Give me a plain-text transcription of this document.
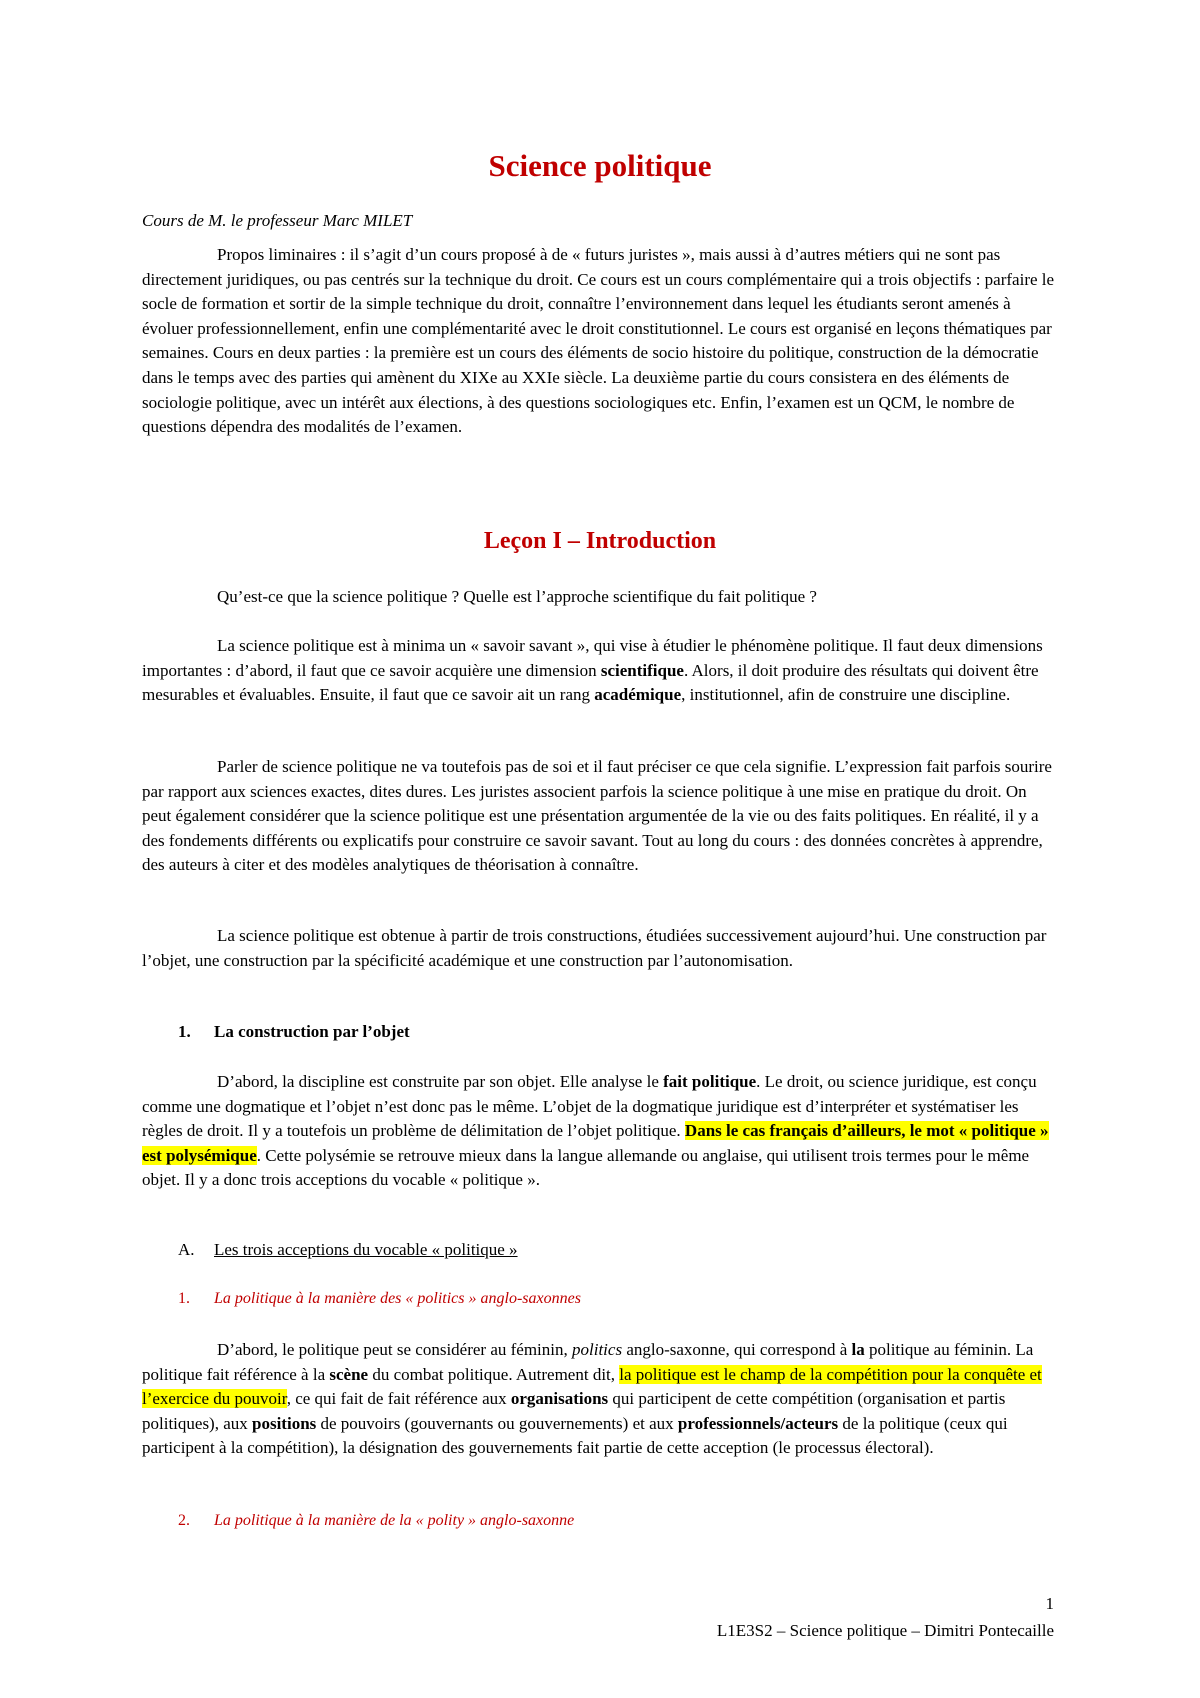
Science politique

Cours de M. le professeur Marc MILET

Propos liminaires : il s’agit d’un cours proposé à de « futurs juristes », mais aussi à d’autres métiers qui ne sont pas directement juridiques, ou pas centrés sur la technique du droit. Ce cours est un cours complémentaire qui a trois objectifs : parfaire le socle de formation et sortir de la simple technique du droit, connaître l’environnement dans lequel les étudiants seront amenés à évoluer professionnellement, enfin une complémentarité avec le droit constitutionnel. Le cours est organisé en leçons thématiques par semaines. Cours en deux parties : la première est un cours des éléments de socio histoire du politique, construction de la démocratie dans le temps avec des parties qui amènent du XIXe au XXIe siècle. La deuxième partie du cours consistera en des éléments de sociologie politique, avec un intérêt aux élections, à des questions sociologiques etc. Enfin, l’examen est un QCM, le nombre de questions dépendra des modalités de l’examen.

Leçon I – Introduction

Qu’est-ce que la science politique ? Quelle est l’approche scientifique du fait politique ?

La science politique est à minima un « savoir savant », qui vise à étudier le phénomène politique. Il faut deux dimensions importantes : d’abord, il faut que ce savoir acquière une dimension scientifique. Alors, il doit produire des résultats qui doivent être mesurables et évaluables. Ensuite, il faut que ce savoir ait un rang académique, institutionnel, afin de construire une discipline.

Parler de science politique ne va toutefois pas de soi et il faut préciser ce que cela signifie. L’expression fait parfois sourire par rapport aux sciences exactes, dites dures. Les juristes associent parfois la science politique à une mise en pratique du droit. On peut également considérer que la science politique est une présentation argumentée de la vie ou des faits politiques. En réalité, il y a des fondements différents ou explicatifs pour construire ce savoir savant. Tout au long du cours : des données concrètes à apprendre, des auteurs à citer et des modèles analytiques de théorisation à connaître.

La science politique est obtenue à partir de trois constructions, étudiées successivement aujourd’hui. Une construction par l’objet, une construction par la spécificité académique et une construction par l’autonomisation.

1. La construction par l’objet

D’abord, la discipline est construite par son objet. Elle analyse le fait politique. Le droit, ou science juridique, est conçu comme une dogmatique et l’objet n’est donc pas le même. L’objet de la dogmatique juridique est d’interpréter et systématiser les règles de droit. Il y a toutefois un problème de délimitation de l’objet politique. Dans le cas français d’ailleurs, le mot « politique » est polysémique. Cette polysémie se retrouve mieux dans la langue allemande ou anglaise, qui utilisent trois termes pour le même objet. Il y a donc trois acceptions du vocable « politique ».

A. Les trois acceptions du vocable « politique »

1. La politique à la manière des « politics » anglo-saxonnes

D’abord, le politique peut se considérer au féminin, politics anglo-saxonne, qui correspond à la politique au féminin. La politique fait référence à la scène du combat politique. Autrement dit, la politique est le champ de la compétition pour la conquête et l’exercice du pouvoir, ce qui fait de fait référence aux organisations qui participent de cette compétition (organisation et partis politiques), aux positions de pouvoirs (gouvernants ou gouvernements) et aux professionnels/acteurs de la politique (ceux qui participent à la compétition), la désignation des gouvernements fait partie de cette acception (le processus électoral).

2. La politique à la manière de la « polity » anglo-saxonne

1

L1E3S2 – Science politique – Dimitri Pontecaille
